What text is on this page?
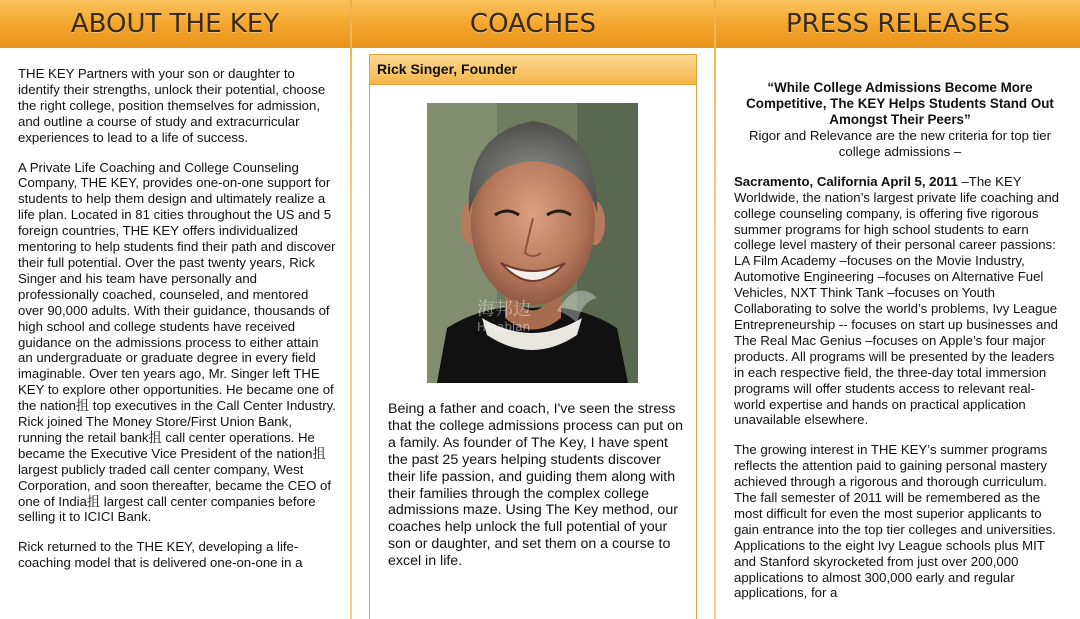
ABOUT THE KEY

THE KEY Partners with your son or daughter to identify their strengths, unlock their potential, choose the right college, position themselves for admission, and outline a course of study and extracurricular experiences to lead to a life of success.

A Private Life Coaching and College Counseling Company, THE KEY, provides one-on-one support for students to help them design and ultimately realize a life plan. Located in 81 cities throughout the US and 5 foreign countries, THE KEY offers individualized mentoring to help students find their path and discover their full potential. Over the past twenty years, Rick Singer and his team have personally and professionally coached, counseled, and mentored over 90,000 adults. With their guidance, thousands of high school and college students have received guidance on the admissions process to either attain an undergraduate or graduate degree in every field imaginable. Over ten years ago, Mr. Singer left THE KEY to explore other opportunities. He became one of the nation抯 top executives in the Call Center Industry. Rick joined The Money Store/First Union Bank, running the retail bank抯 call center operations. He became the Executive Vice President of the nation抯 largest publicly traded call center company, West Corporation, and soon thereafter, became the CEO of one of India抯 largest call center companies before selling it to ICICI Bank.

Rick returned to the THE KEY, developing a life-coaching model that is delivered one-on-one in a

COACHES
Rick Singer, Founder
海邦边
Hinabian
Being a father and coach, I've seen the stress that the college admissions process can put on a family. As founder of The Key, I have spent the past 25 years helping students discover their life passion, and guiding them along with their families through the complex college admissions maze. Using The Key method, our coaches help unlock the full potential of your son or daughter, and set them on a course to excel in life.
PRESS RELEASES
“While College Admissions Become More Competitive, The KEY Helps Students Stand Out Amongst Their Peers”
Rigor and Relevance are the new criteria for top tier college admissions –

Sacramento, California April 5, 2011 –The KEY Worldwide, the nation’s largest private life coaching and college counseling company, is offering five rigorous summer programs for high school students to earn college level mastery of their personal career passions: LA Film Academy –focuses on the Movie Industry, Automotive Engineering –focuses on Alternative Fuel Vehicles, NXT Think Tank –focuses on Youth Collaborating to solve the world’s problems, Ivy League Entrepreneurship -- focuses on start up businesses and The Real Mac Genius –focuses on Apple’s four major products. All programs will be presented by the leaders in each respective field, the three-day total immersion programs will offer students access to relevant real-world expertise and hands on practical application unavailable elsewhere.

The growing interest in THE KEY’s summer programs reflects the attention paid to gaining personal mastery achieved through a rigorous and thorough curriculum. The fall semester of 2011 will be remembered as the most difficult for even the most superior applicants to gain entrance into the top tier colleges and universities. Applications to the eight Ivy League schools plus MIT and Stanford skyrocketed from just over 200,000 applications to almost 300,000 early and regular applications, for a
